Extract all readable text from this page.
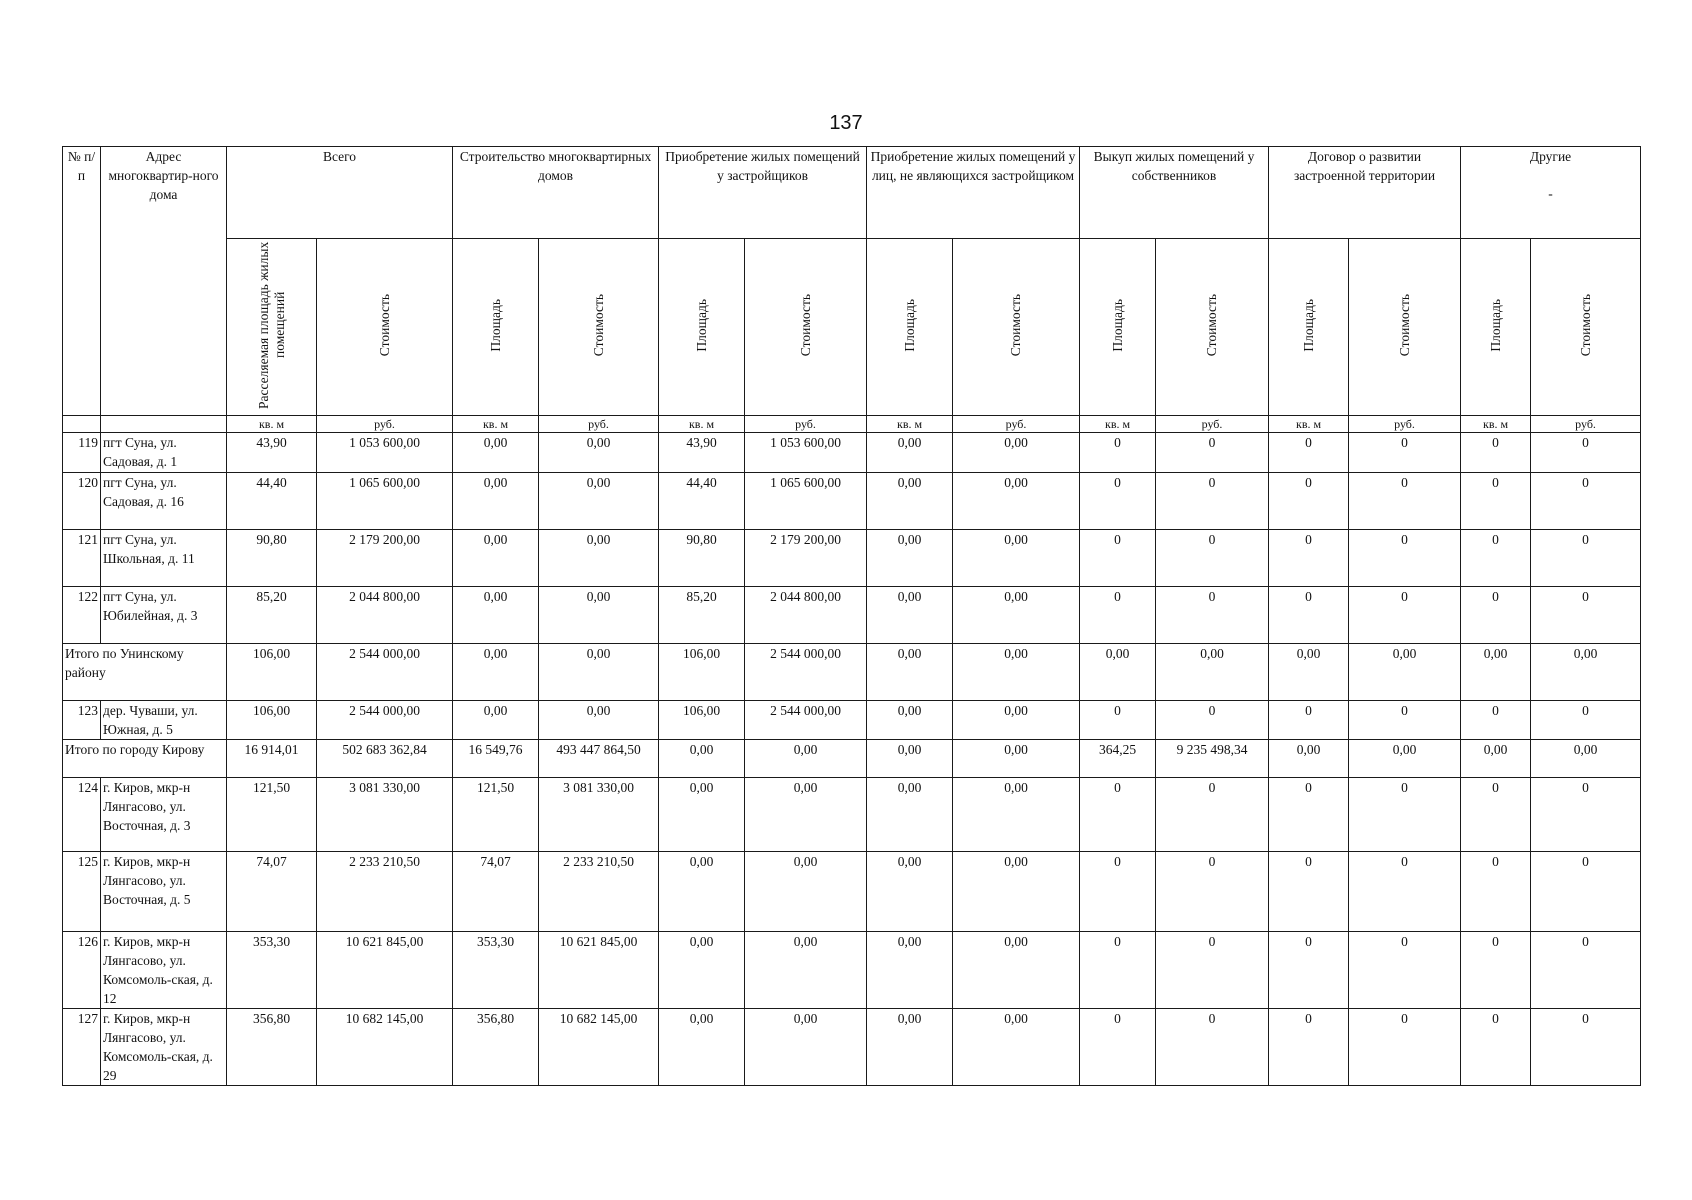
137
№ п/п	Адрес многоквартир-ного дома	Всего		Строительство многоквартирных домов		Приобретение жилых помещений у застройщиков		Приобретение жилых помещений у лиц, не являющихся застройщиком		Выкуп жилых помещений у собственников		Договор о развитии застроенной территории		Другие
-	

		Расселяемая площадь жилых помещений	Стоимость	Площадь	Стоимость	Площадь	Стоимость	Площадь	Стоимость	Площадь	Стоимость	Площадь	Стоимость	Площадь	Стоимость
		кв. м	руб.	кв. м	руб.	кв. м	руб.	кв. м	руб.	кв. м	руб.	кв. м	руб.	кв. м	руб.
119	пгт Суна, ул. Садовая, д. 1	43,90	1 053 600,00	0,00	0,00	43,90	1 053 600,00	0,00	0,00	0	0	0	0	0	0
120	пгт Суна, ул. Садовая, д. 16	44,40	1 065 600,00	0,00	0,00	44,40	1 065 600,00	0,00	0,00	0	0	0	0	0	0
121	пгт Суна, ул. Школьная, д. 11	90,80	2 179 200,00	0,00	0,00	90,80	2 179 200,00	0,00	0,00	0	0	0	0	0	0
122	пгт Суна, ул. Юбилейная, д. 3	85,20	2 044 800,00	0,00	0,00	85,20	2 044 800,00	0,00	0,00	0	0	0	0	0	0
Итого по Унинскому району		106,00	2 544 000,00	0,00	0,00	106,00	2 544 000,00	0,00	0,00	0,00	0,00	0,00	0,00	0,00	0,00
123	дер. Чуваши, ул. Южная, д. 5	106,00	2 544 000,00	0,00	0,00	106,00	2 544 000,00	0,00	0,00	0	0	0	0	0	0
Итого по городу Кирову		16 914,01	502 683 362,84	16 549,76	493 447 864,50	0,00	0,00	0,00	0,00	364,25	9 235 498,34	0,00	0,00	0,00	0,00
124	г. Киров, мкр-н Лянгасово, ул. Восточная, д. 3	121,50	3 081 330,00	121,50	3 081 330,00	0,00	0,00	0,00	0,00	0	0	0	0	0	0
125	г. Киров, мкр-н Лянгасово, ул. Восточная, д. 5	74,07	2 233 210,50	74,07	2 233 210,50	0,00	0,00	0,00	0,00	0	0	0	0	0	0
126	г. Киров, мкр-н Лянгасово, ул. Комсомоль-ская, д. 12	353,30	10 621 845,00	353,30	10 621 845,00	0,00	0,00	0,00	0,00	0	0	0	0	0	0
127	г. Киров, мкр-н Лянгасово, ул. Комсомоль-ская, д. 29	356,80	10 682 145,00	356,80	10 682 145,00	0,00	0,00	0,00	0,00	0	0	0	0	0	0
